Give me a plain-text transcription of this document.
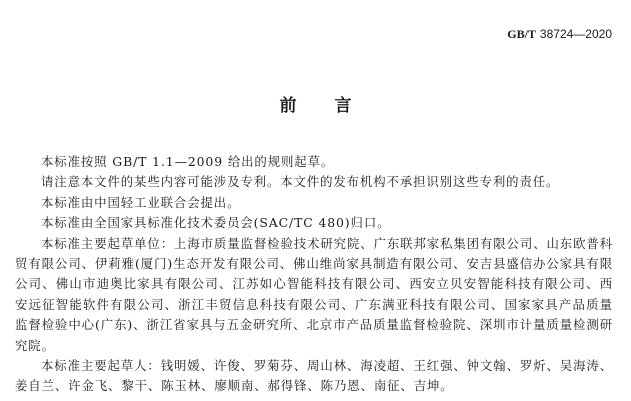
GB/T 38724—2020
前 言

本标准按照 GB/T 1.1—2009 给出的规则起草。

请注意本文件的某些内容可能涉及专利。本文件的发布机构不承担识别这些专利的责任。

本标准由中国轻工业联合会提出。

本标准由全国家具标准化技术委员会(SAC/TC 480)归口。

本标准主要起草单位：上海市质量监督检验技术研究院、广东联邦家私集团有限公司、山东欧普科贸有限公司、伊莉雅(厦门)生态开发有限公司、佛山维尚家具制造有限公司、安吉县盛信办公家具有限公司、佛山市迪奥比家具有限公司、江苏如心智能科技有限公司、西安立贝安智能科技有限公司、西安远征智能软件有限公司、浙江丰贸信息科技有限公司、广东满亚科技有限公司、国家家具产品质量监督检验中心(广东)、浙江省家具与五金研究所、北京市产品质量监督检验院、深圳市计量质量检测研究院。

本标准主要起草人：钱明媛、许俊、罗菊芬、周山林、海凌超、王红强、钟文翰、罗炘、吴海涛、姜自兰、许金飞、黎干、陈玉林、廖顺南、郝得锋、陈乃恩、南征、吉坤。
